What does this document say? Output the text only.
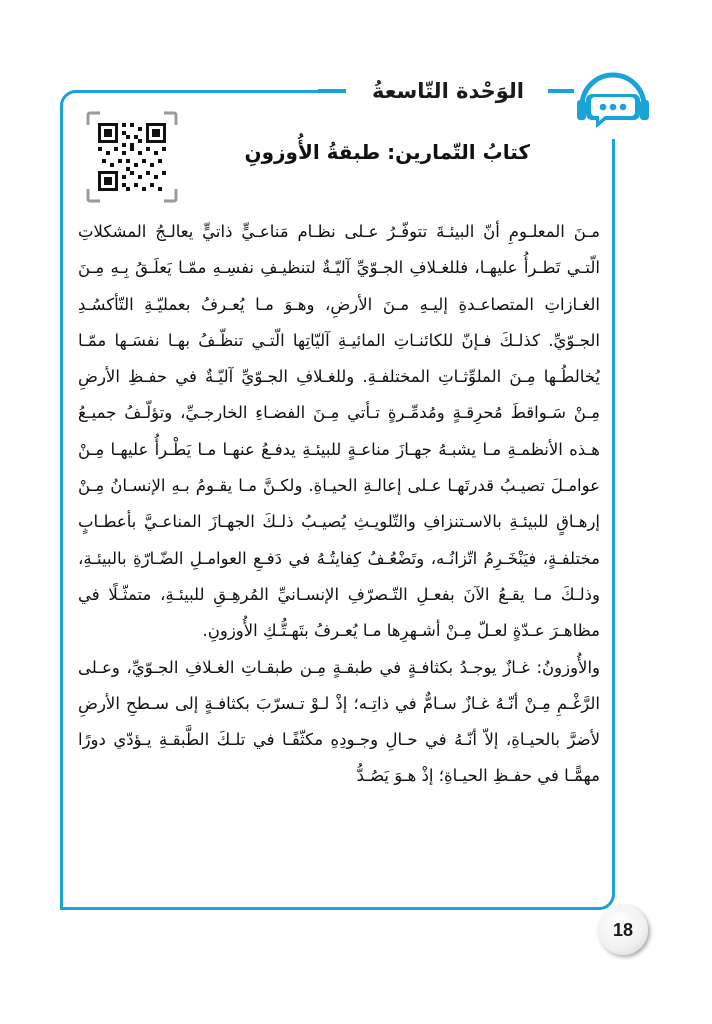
الوَحْدة التّاسعةُ
كتابُ التّمارين: طبقةُ الأُوزونِ

مـنَ المعلـومِ أنّ البيئـةَ تتوفّـرُ عـلى نظـام مَناعـيٍّ ذاتيٍّ يعالـجُ المشكلاتِ الّتـي تَطـرأُ عليهـا، فللغـلافِ الجـوّيِّ آليّـةٌ لتنظيـفِ نفسِـهِ ممّـا يَعلَـقُ بِـهِ مِـنَ الغـازاتِ المتصاعـدةِ إليـهِ مـنَ الأرضِ، وهـوَ مـا يُعـرفُ بعمليّـةِ التّأكسُـدِ الجـوّيِّ. كذلـكَ فـإنّ للكائنـاتِ المائيـةِ آليّاتِها الّتـي تنظّـفُ بهـا نفسَـها ممّـا يُخالطُـها مِـنَ الملوِّثـاتِ المختلفـةِ. وللغـلافِ الجـوّيِّ آليّـةٌ في حفـظِ الأرضِ مِـنْ سَـواقطَ مُحرِقـةٍ ومُدمِّـرةٍ تـأتي مِـنَ الفضـاءِ الخارجـيِّ، وتؤلّـفُ جميـعُ هـذه الأنظمـةِ مـا يشبـهُ جهـازَ مناعـةٍ للبيئـةِ يدفـعُ عنهـا مـا يَطْـرأُ عليهـا مِـنْ عوامـلَ تصيـبُ قدرتَهـا عـلى إعالـةِ الحيـاةِ. ولكـنَّ مـا يقـومُ بـهِ الإنسـانُ مِـنْ إرهـاقٍ للبيئـةِ بالاسـتنزافِ والتّلويـثِ يُصيـبُ ذلـكَ الجهـازَ المناعـيَّ بأعطـابٍ مختلفـةٍ، فيَنْخَـرِمُ اتّزانُـه، وتَضْعُـفُ كِفايتُـهُ في دَفـعِ العوامـلِ الضّـارّةِ بالبيئـةِ، وذلـكَ مـا يقـعُ الآنَ بفعـلِ التّـصرّفِ الإنسـانيِّ المُرهِـقِ للبيئـةِ، متمثّـلًا في مظاهـرَ عـدّةٍ لعـلّ مِـنْ أشـهرِها مـا يُعـرفُ بتَهـتُّـكِ الأُوزونِ.

والأُوزونُ: غـازٌ يوجـدُ بكثافـةٍ في طبقـةٍ مِـن طبقـاتِ الغـلافِ الجـوّيِّ، وعـلى الرَّغْـمِ مِـنْ أنّـهُ غـازٌ سـامٌّ في ذاتِـه؛ إذْ لـوْ تـسرّبَ بكثافـةٍ إلى سـطحِ الأرضِ لأضرَّ بالحيـاةِ، إلاّ أنّـهُ في حـالِ وجـودِهِ مكثّفًـا في تلـكَ الطَّبقـةِ يـؤدّي دورًا مهمًّـا في حفـظِ الحيـاةِ؛ إذْ هـوَ يَصُـدُّ

18
